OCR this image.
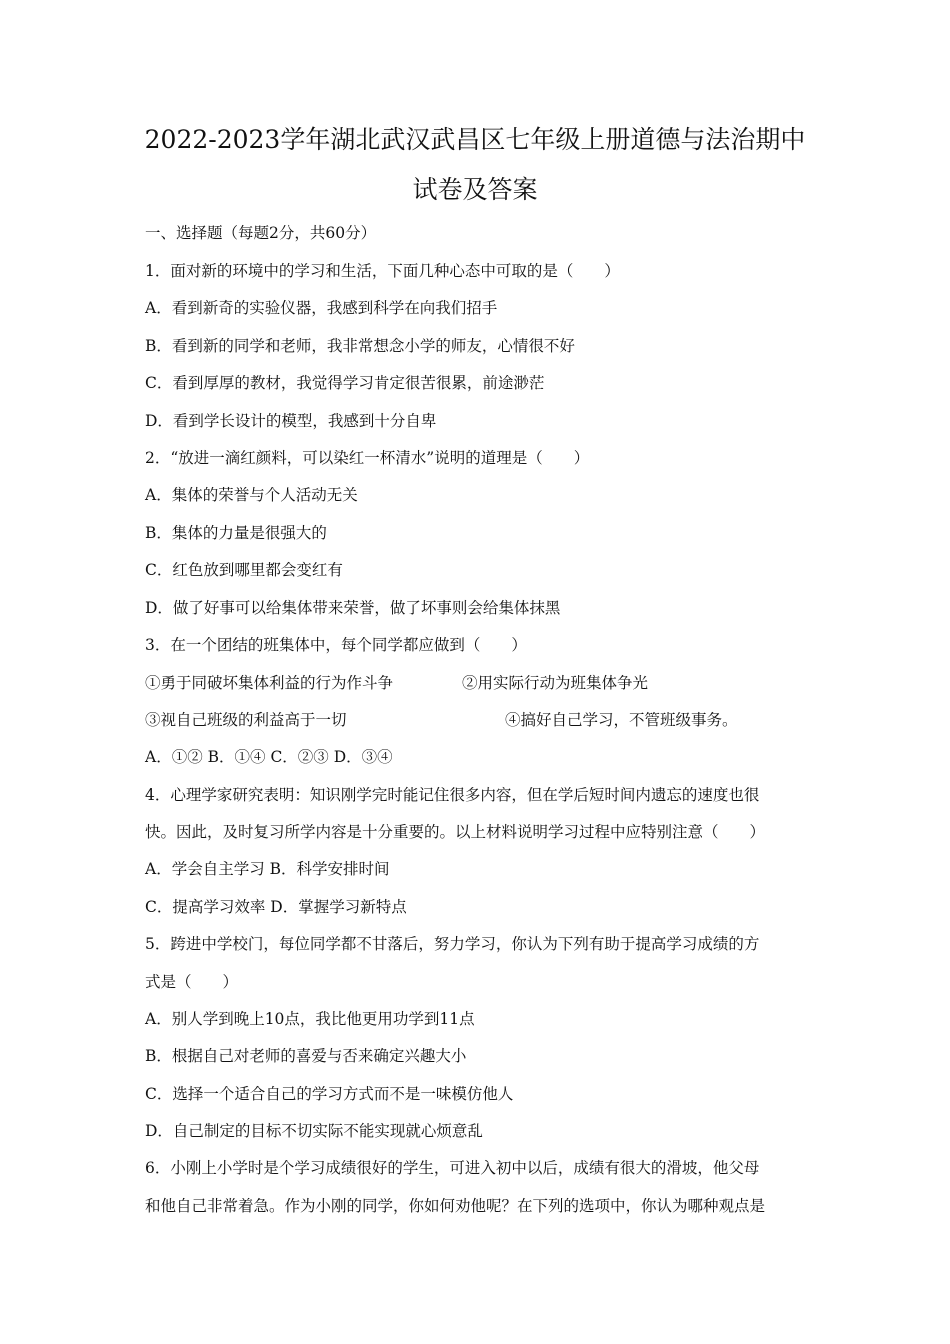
2022-2023学年湖北武汉武昌区七年级上册道德与法治期中
试卷及答案
一、选择题（每题2分，共60分）
1．面对新的环境中的学习和生活，下面几种心态中可取的是（　　）
A．看到新奇的实验仪器，我感到科学在向我们招手
B．看到新的同学和老师，我非常想念小学的师友，心情很不好
C．看到厚厚的教材，我觉得学习肯定很苦很累，前途渺茫
D．看到学长设计的模型，我感到十分自卑
2．“放进一滴红颜料，可以染红一杯清水”说明的道理是（　　）
A．集体的荣誉与个人活动无关
B．集体的力量是很强大的
C．红色放到哪里都会变红有
D．做了好事可以给集体带来荣誉，做了坏事则会给集体抹黑
3．在一个团结的班集体中，每个同学都应做到（　　）
①勇于同破坏集体利益的行为作斗争	②用实际行动为班集体争光
③视自己班级的利益高于一切	④搞好自己学习，不管班级事务。
A．①② B．①④ C．②③ D．③④
4．心理学家研究表明：知识刚学完时能记住很多内容，但在学后短时间内遗忘的速度也很
快。因此，及时复习所学内容是十分重要的。以上材料说明学习过程中应特别注意（　　）
A．学会自主学习 B．科学安排时间
C．提高学习效率 D．掌握学习新特点
5．跨进中学校门，每位同学都不甘落后，努力学习，你认为下列有助于提高学习成绩的方
式是（　　）
A．别人学到晚上10点，我比他更用功学到11点
B．根据自己对老师的喜爱与否来确定兴趣大小
C．选择一个适合自己的学习方式而不是一味模仿他人
D．自己制定的目标不切实际不能实现就心烦意乱
6．小刚上小学时是个学习成绩很好的学生，可进入初中以后，成绩有很大的滑坡，他父母
和他自己非常着急。作为小刚的同学，你如何劝他呢？在下列的选项中，你认为哪种观点是
